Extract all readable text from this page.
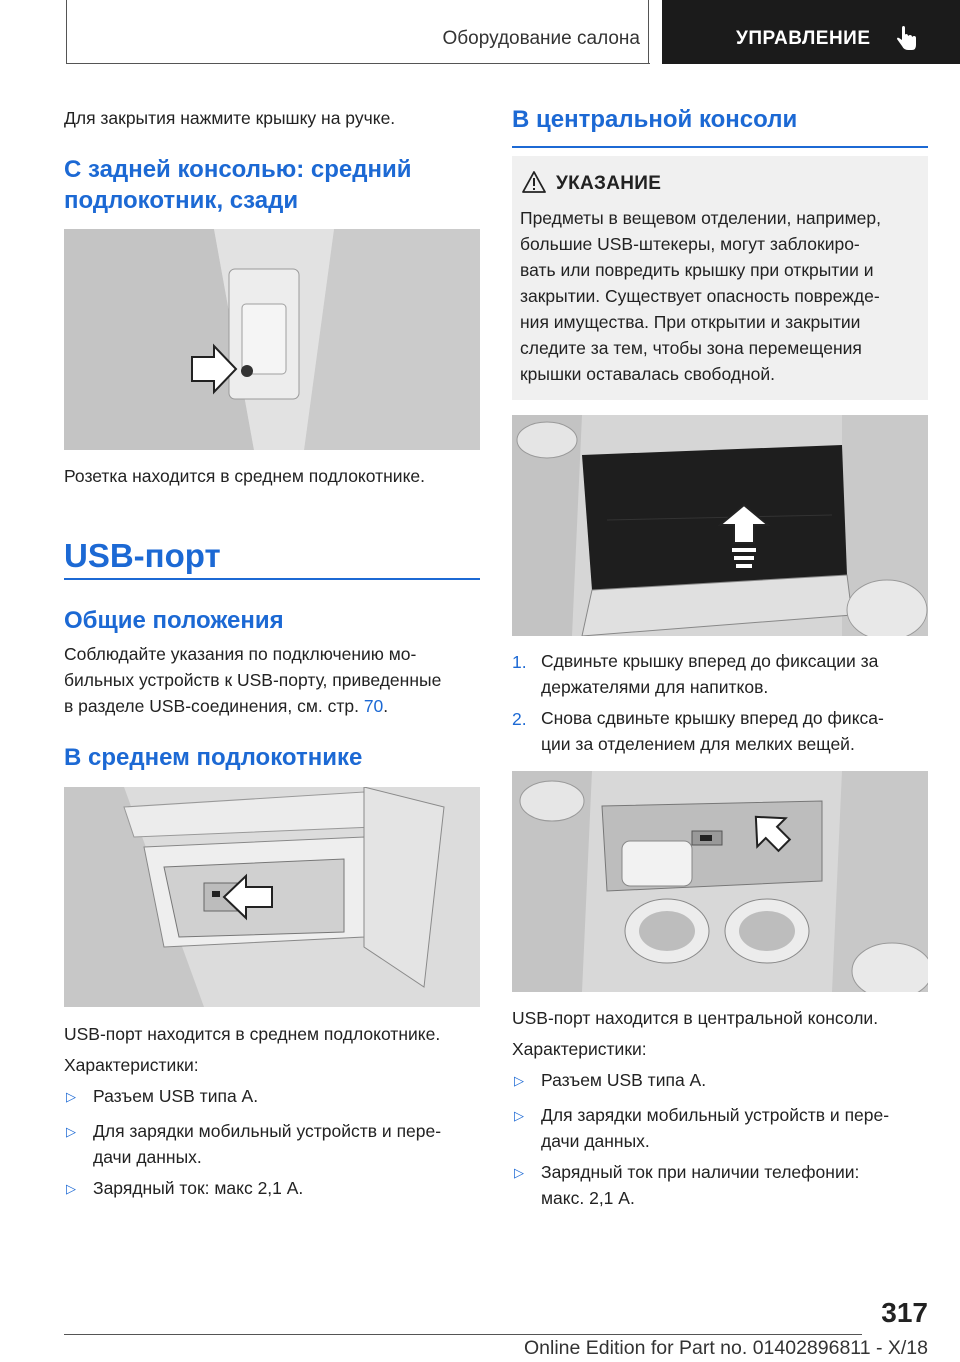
Оборудование салона	УПРАВЛЕНИЕ
Для закрытия нажмите крышку на ручке.
С задней консолью: средний
подлокотник, сзади
Розетка находится в среднем подлокотнике.
USB-порт
Общие положения
Соблюдайте указания по подключению мо-
бильных устройств к USB-порту, приведенные
в разделе USB-соединения, см. стр. 70.
В среднем подлокотнике
USB-порт находится в среднем подлокотнике.
Характеристики:
▷ Разъем USB типа А.
▷ Для зарядки мобильный устройств и пере-
дачи данных.
▷ Зарядный ток: макс 2,1 А.
В центральной консоли
УКАЗАНИЕ
Предметы в вещевом отделении, например,
большие USB-штекеры, могут заблокиро-
вать или повредить крышку при открытии и
закрытии. Существует опасность поврежде-
ния имущества. При открытии и закрытии
следите за тем, чтобы зона перемещения
крышки оставалась свободной.
1. Сдвиньте крышку вперед до фиксации за
держателями для напитков.
2. Снова сдвиньте крышку вперед до фикса-
ции за отделением для мелких вещей.
USB-порт находится в центральной консоли.
Характеристики:
▷ Разъем USB типа А.
▷ Для зарядки мобильный устройств и пере-
дачи данных.
▷ Зарядный ток при наличии телефонии:
макс. 2,1 А.
317
Online Edition for Part no. 01402896811 - X/18
